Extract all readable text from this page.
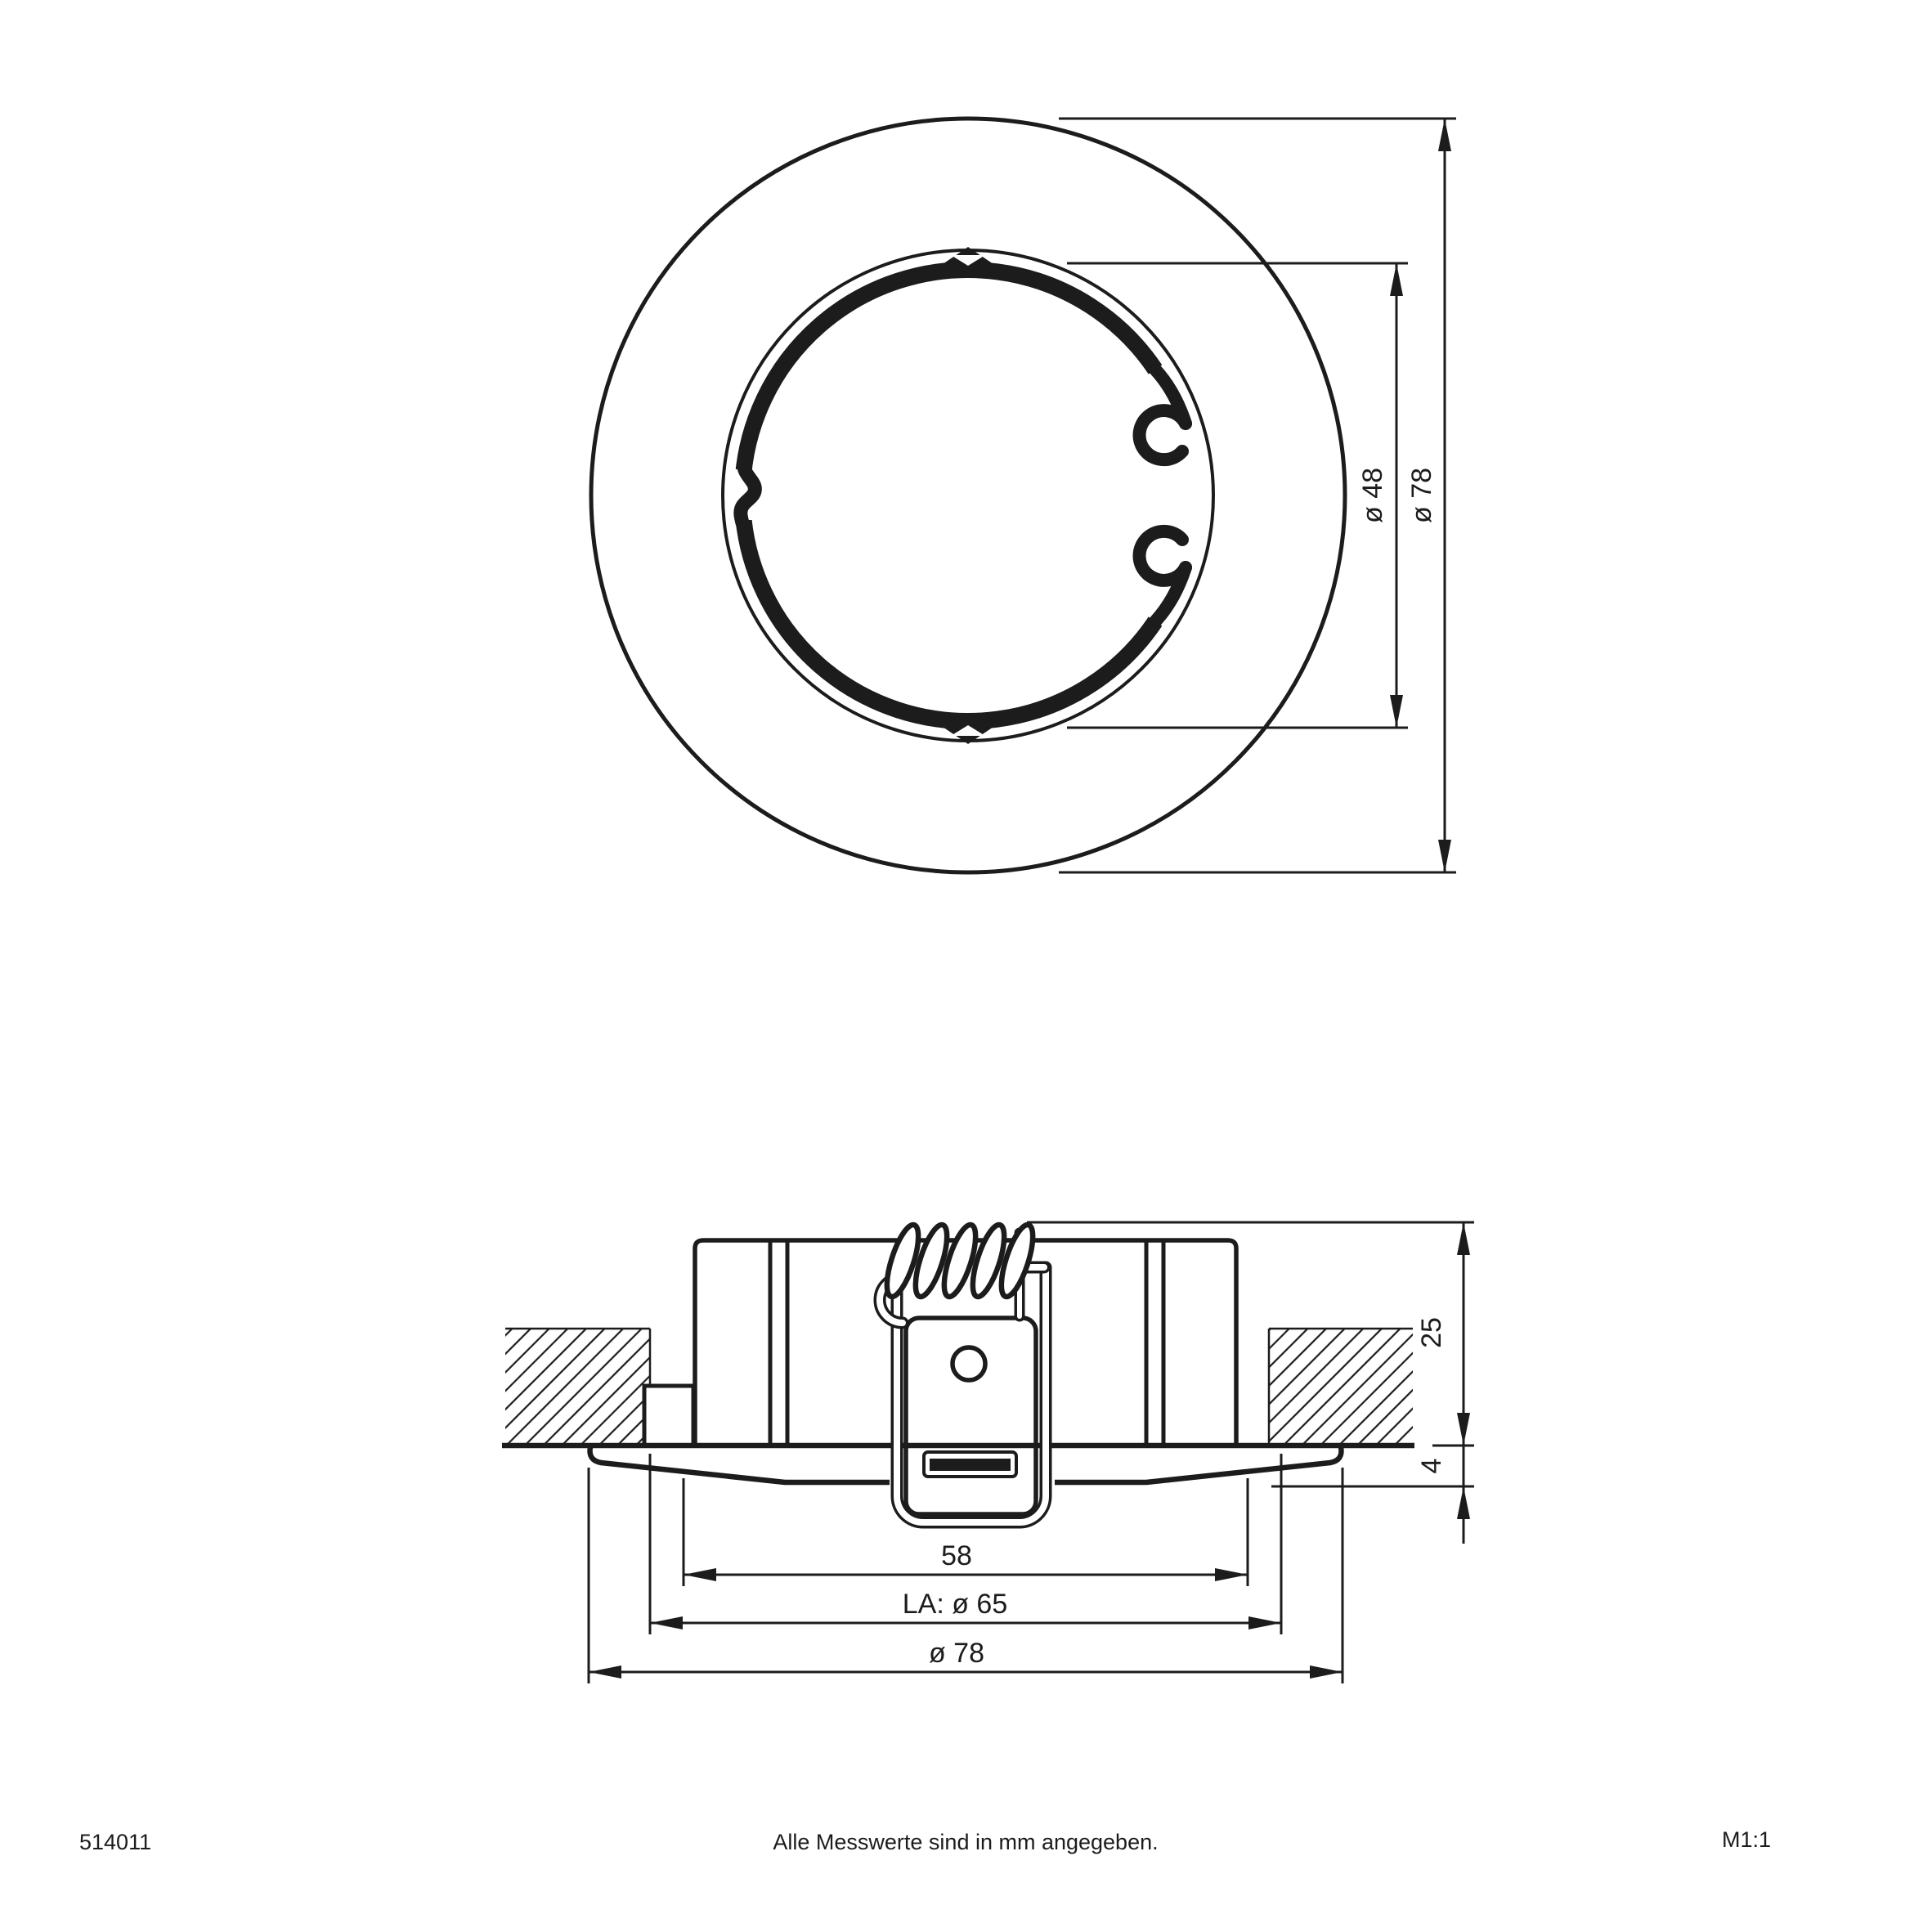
ø 48 ø 78
25
4
58
LA: ø 65
ø 78
514011	Alle Messwerte sind in mm angegeben.	M1:1
